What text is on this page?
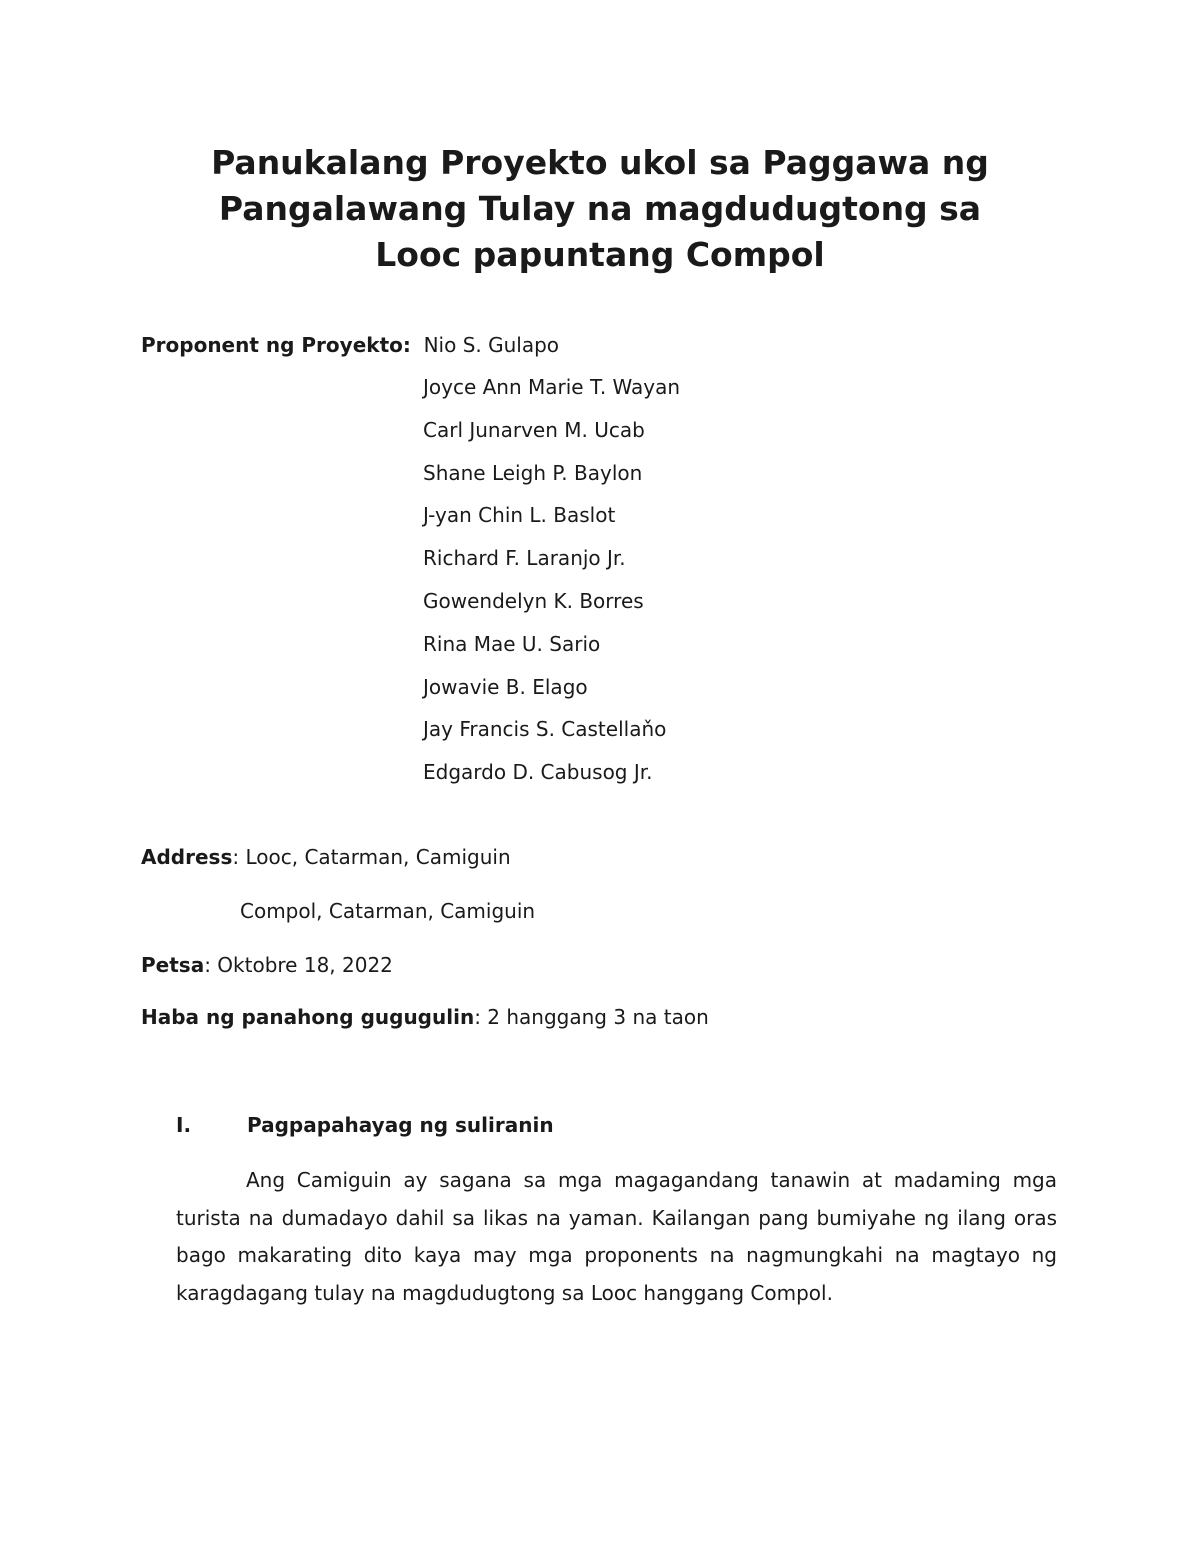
Panukalang Proyekto ukol sa Paggawa ng
Pangalawang Tulay na magdudugtong sa
Looc papuntang Compol
Proponent ng Proyekto: Nio S. Gulapo
Joyce Ann Marie T. Wayan
Carl Junarven M. Ucab
Shane Leigh P. Baylon
J-yan Chin L. Baslot
Richard F. Laranjo Jr.
Gowendelyn K. Borres
Rina Mae U. Sario
Jowavie B. Elago
Jay Francis S. Castellaňo
Edgardo D. Cabusog Jr.
Address: Looc, Catarman, Camiguin
Compol, Catarman, Camiguin
Petsa: Oktobre 18, 2022
Haba ng panahong gugugulin: 2 hanggang 3 na taon
I.	Pagpapahayag ng suliranin
Ang Camiguin ay sagana sa mga magagandang tanawin at madaming mga turista na dumadayo dahil sa likas na yaman. Kailangan pang bumiyahe ng ilang oras bago makarating dito kaya may mga proponents na nagmungkahi na magtayo ng karagdagang tulay na magdudugtong sa Looc hanggang Compol.
